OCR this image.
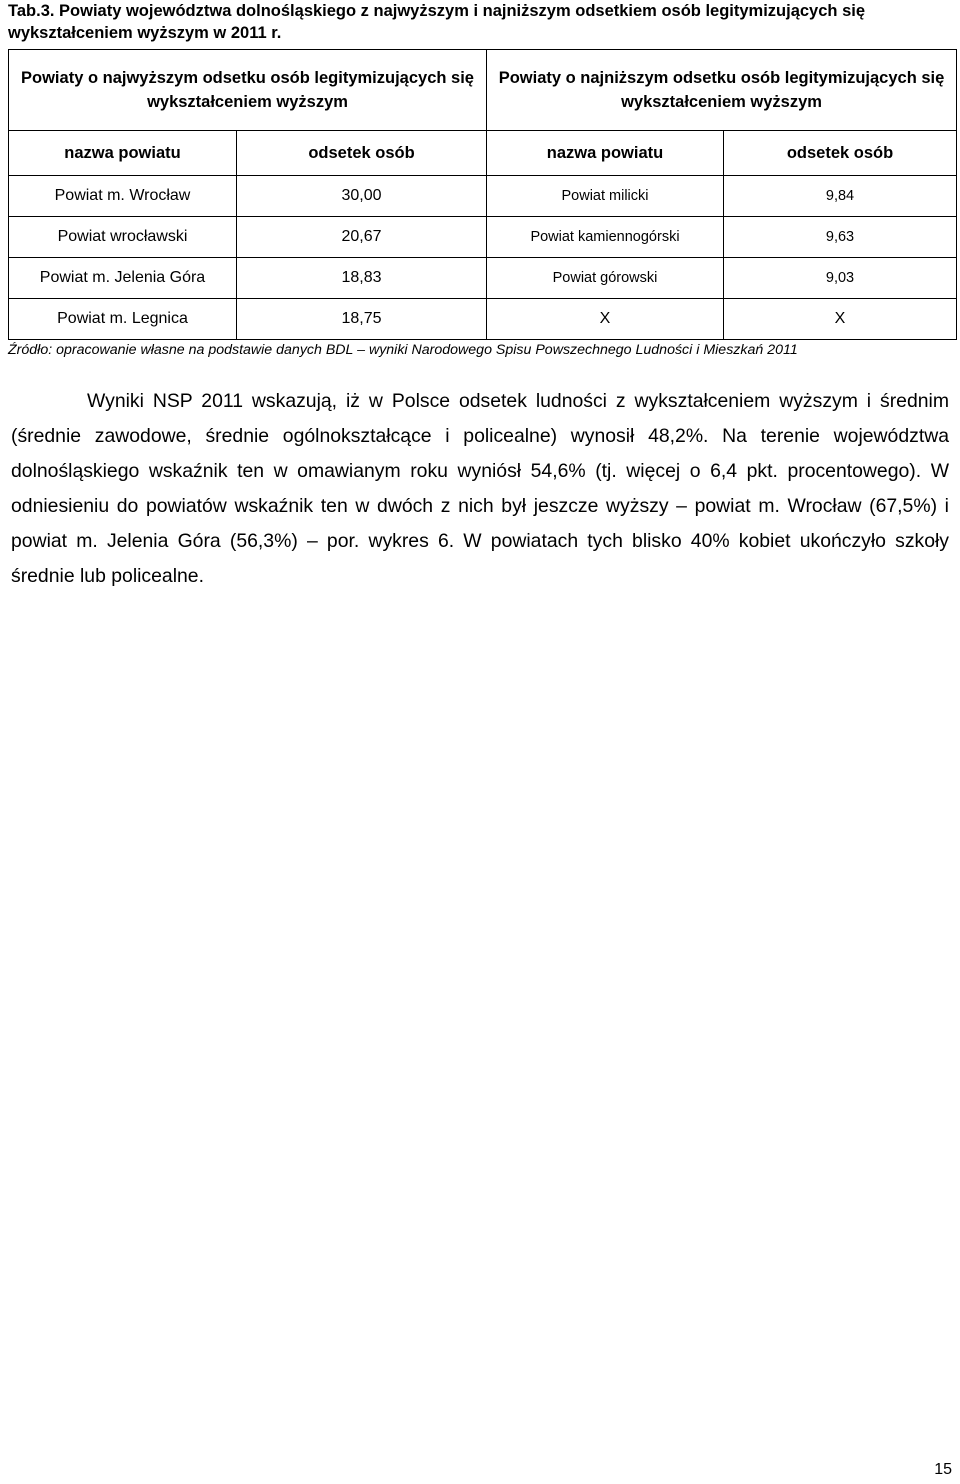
Tab.3. Powiaty województwa dolnośląskiego z najwyższym i najniższym odsetkiem osób legitymizujących się wykształceniem wyższym w 2011 r.
Powiaty o najwyższym odsetku osób legitymizujących się wykształceniem wyższym		Powiaty o najniższym odsetku osób legitymizujących się wykształceniem wyższym	
nazwa powiatu	odsetek osób	nazwa powiatu	odsetek osób
Powiat m. Wrocław	30,00	Powiat milicki	9,84
Powiat wrocławski	20,67	Powiat kamiennogórski	9,63
Powiat m. Jelenia Góra	18,83	Powiat górowski	9,03
Powiat m. Legnica	18,75	X	X
Źródło: opracowanie własne na podstawie danych BDL – wyniki Narodowego Spisu Powszechnego Ludności i Mieszkań 2011

Wyniki NSP 2011 wskazują, iż w Polsce odsetek ludności z wykształceniem wyższym i średnim (średnie zawodowe, średnie ogólnokształcące i policealne) wynosił 48,2%. Na terenie województwa dolnośląskiego wskaźnik ten w omawianym roku wyniósł 54,6% (tj. więcej o 6,4 pkt. procentowego). W odniesieniu do powiatów wskaźnik ten w dwóch z nich był jeszcze wyższy – powiat m. Wrocław (67,5%) i powiat m. Jelenia Góra (56,3%) – por. wykres 6. W powiatach tych blisko 40% kobiet ukończyło szkoły średnie lub policealne.

15
